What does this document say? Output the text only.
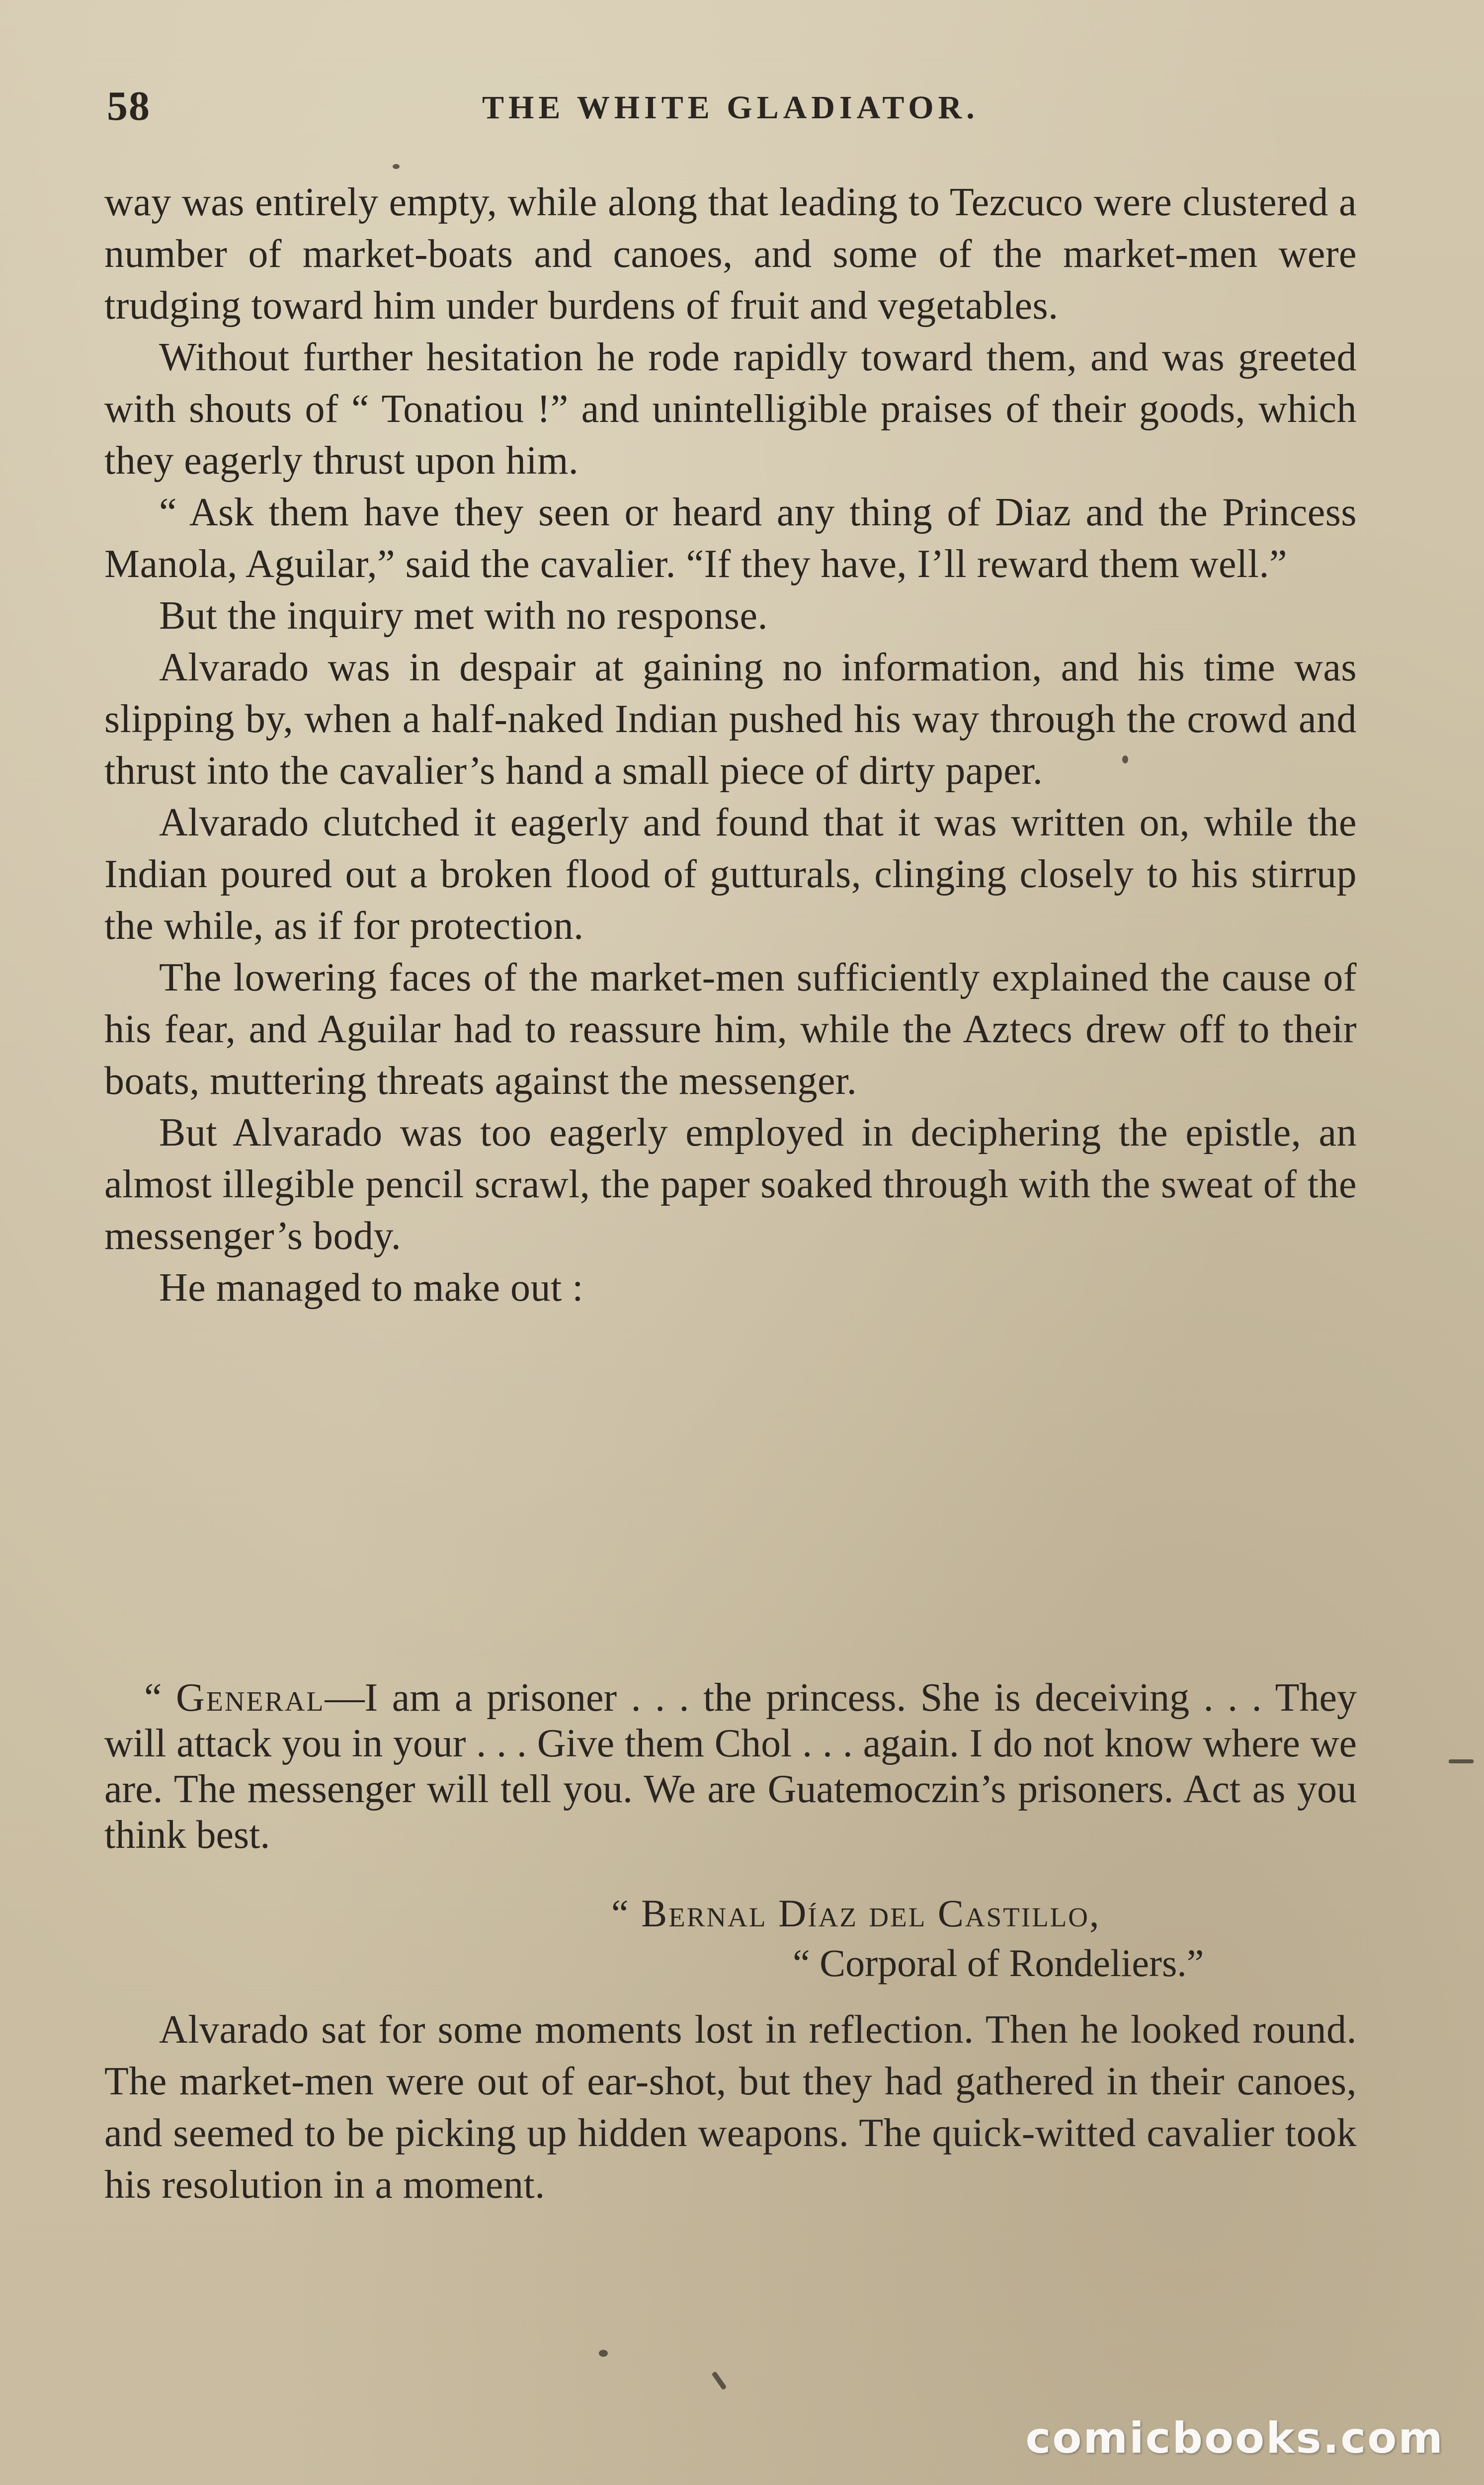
58	THE WHITE GLADIATOR.

way was entirely empty, while along that leading to Tezcuco were clustered a number of market-boats and canoes, and some of the market-men were trudging toward him under burdens of fruit and vegetables.

Without further hesitation he rode rapidly toward them, and was greeted with shouts of “ Tonatiou !” and unintelligible praises of their goods, which they eagerly thrust upon him.

“ Ask them have they seen or heard any thing of Diaz and the Princess Manola, Aguilar,” said the cavalier. “If they have, I’ll reward them well.”

But the inquiry met with no response.

Alvarado was in despair at gaining no information, and his time was slipping by, when a half-naked Indian pushed his way through the crowd and thrust into the cavalier’s hand a small piece of dirty paper.

Alvarado clutched it eagerly and found that it was written on, while the Indian poured out a broken flood of gutturals, clinging closely to his stirrup the while, as if for protection.

The lowering faces of the market-men sufficiently explained the cause of his fear, and Aguilar had to reassure him, while the Aztecs drew off to their boats, muttering threats against the messenger.

But Alvarado was too eagerly employed in deciphering the epistle, an almost illegible pencil scrawl, the paper soaked through with the sweat of the messenger’s body.

He managed to make out :

“ General—I am a prisoner . . . the princess. She is deceiving . . . They will attack you in your . . . Give them Chol . . . again. I do not know where we are. The messenger will tell you. We are Guatemoczin’s prisoners. Act as you think best.
“ Bernal Díaz del Castillo,
“ Corporal of Rondeliers.”

Alvarado sat for some moments lost in reflection. Then he looked round. The market-men were out of ear-shot, but they had gathered in their canoes, and seemed to be picking up hidden weapons. The quick-witted cavalier took his resolution in a moment.

comicbooks.com
